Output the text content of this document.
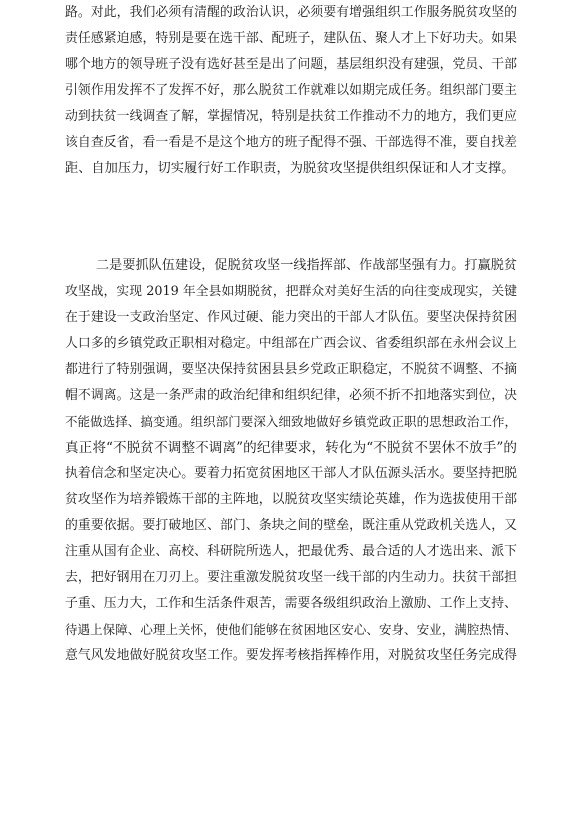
路。对此，我们必须有清醒的政治认识，必须要有增强组织工作服务脱贫攻坚的
责任感紧迫感，特别是要在选干部、配班子，建队伍、聚人才上下好功夫。如果
哪个地方的领导班子没有选好甚至是出了问题，基层组织没有建强，党员、干部
引领作用发挥不了发挥不好，那么脱贫工作就难以如期完成任务。组织部门要主
动到扶贫一线调查了解，掌握情况，特别是扶贫工作推动不力的地方，我们更应
该自查反省，看一看是不是这个地方的班子配得不强、干部选得不准，要自找差
距、自加压力，切实履行好工作职责，为脱贫攻坚提供组织保证和人才支撑。
二是要抓队伍建设，促脱贫攻坚一线指挥部、作战部坚强有力。打赢脱贫
攻坚战，实现 2019 年全县如期脱贫，把群众对美好生活的向往变成现实，关键
在于建设一支政治坚定、作风过硬、能力突出的干部人才队伍。要坚决保持贫困
人口多的乡镇党政正职相对稳定。中组部在广西会议、省委组织部在永州会议上
都进行了特别强调，要坚决保持贫困县县乡党政正职稳定，不脱贫不调整、不摘
帽不调离。这是一条严肃的政治纪律和组织纪律，必须不折不扣地落实到位，决
不能做选择、搞变通。组织部门要深入细致地做好乡镇党政正职的思想政治工作，
真正将“不脱贫不调整不调离”的纪律要求，转化为“不脱贫不罢休不放手”的
执着信念和坚定决心。要着力拓宽贫困地区干部人才队伍源头活水。要坚持把脱
贫攻坚作为培养锻炼干部的主阵地，以脱贫攻坚实绩论英雄，作为选拔使用干部
的重要依据。要打破地区、部门、条块之间的壁垒，既注重从党政机关选人，又
注重从国有企业、高校、科研院所选人，把最优秀、最合适的人才选出来、派下
去，把好钢用在刀刃上。要注重激发脱贫攻坚一线干部的内生动力。扶贫干部担
子重、压力大，工作和生活条件艰苦，需要各级组织政治上激励、工作上支持、
待遇上保障、心理上关怀，使他们能够在贫困地区安心、安身、安业，满腔热情、
意气风发地做好脱贫攻坚工作。要发挥考核指挥棒作用，对脱贫攻坚任务完成得
